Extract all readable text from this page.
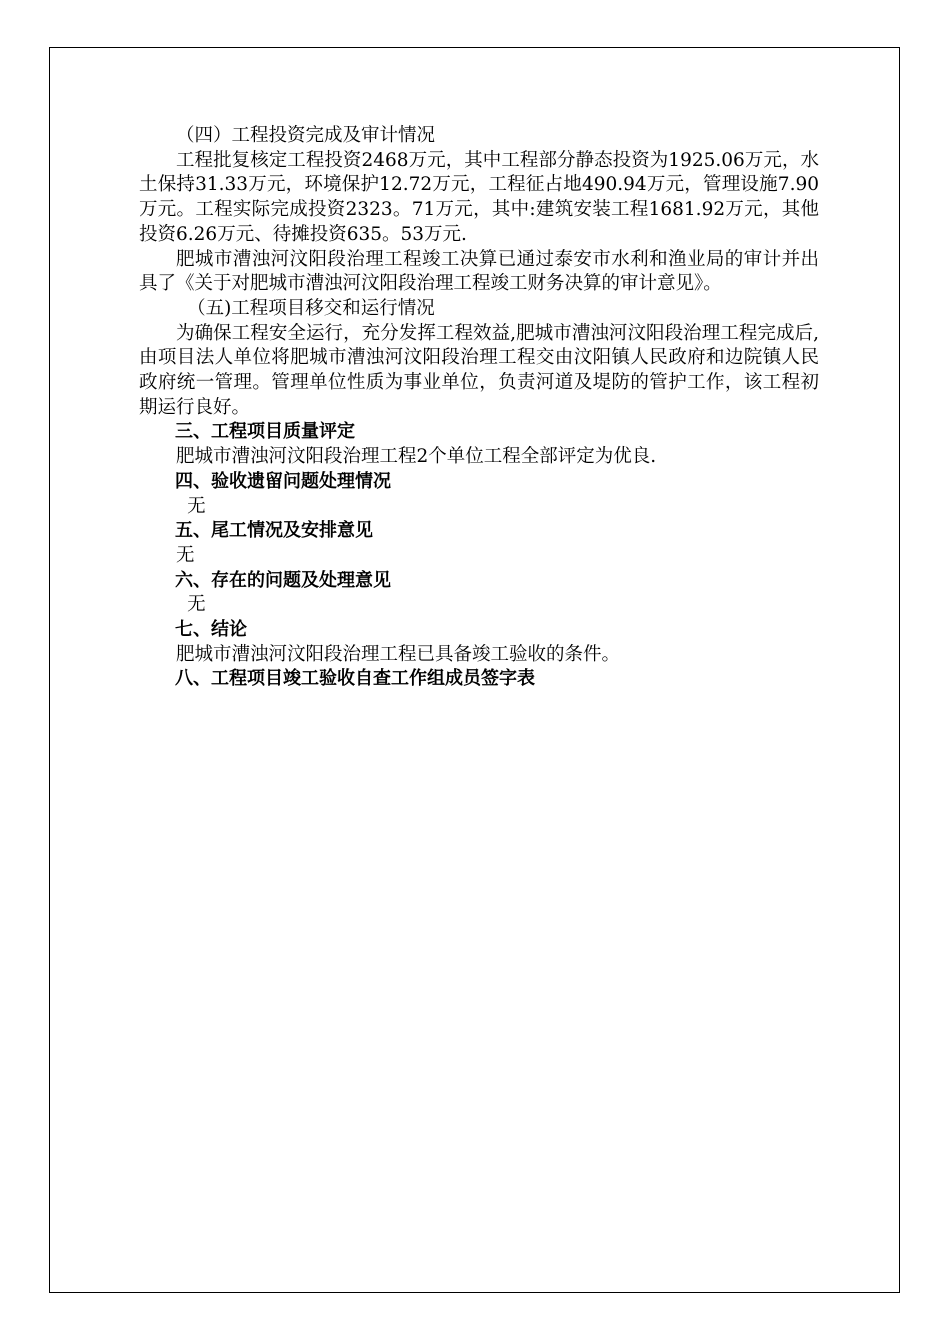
（四）工程投资完成及审计情况

工程批复核定工程投资2468万元，其中工程部分静态投资为1925.06万元，水土保持31.33万元，环境保护12.72万元，工程征占地490.94万元，管理设施7.90万元。工程实际完成投资2323。71万元，其中:建筑安装工程1681.92万元，其他投资6.26万元、待摊投资635。53万元.

肥城市漕浊河汶阳段治理工程竣工决算已通过泰安市水利和渔业局的审计并出具了《关于对肥城市漕浊河汶阳段治理工程竣工财务决算的审计意见》。

（五)工程项目移交和运行情况

为确保工程安全运行，充分发挥工程效益,肥城市漕浊河汶阳段治理工程完成后,由项目法人单位将肥城市漕浊河汶阳段治理工程交由汶阳镇人民政府和边院镇人民政府统一管理。管理单位性质为事业单位，负责河道及堤防的管护工作，该工程初期运行良好。

三、工程项目质量评定

肥城市漕浊河汶阳段治理工程2个单位工程全部评定为优良.

四、验收遗留问题处理情况

无

五、尾工情况及安排意见

无

六、存在的问题及处理意见

无

七、结论

肥城市漕浊河汶阳段治理工程已具备竣工验收的条件。

八、工程项目竣工验收自查工作组成员签字表
